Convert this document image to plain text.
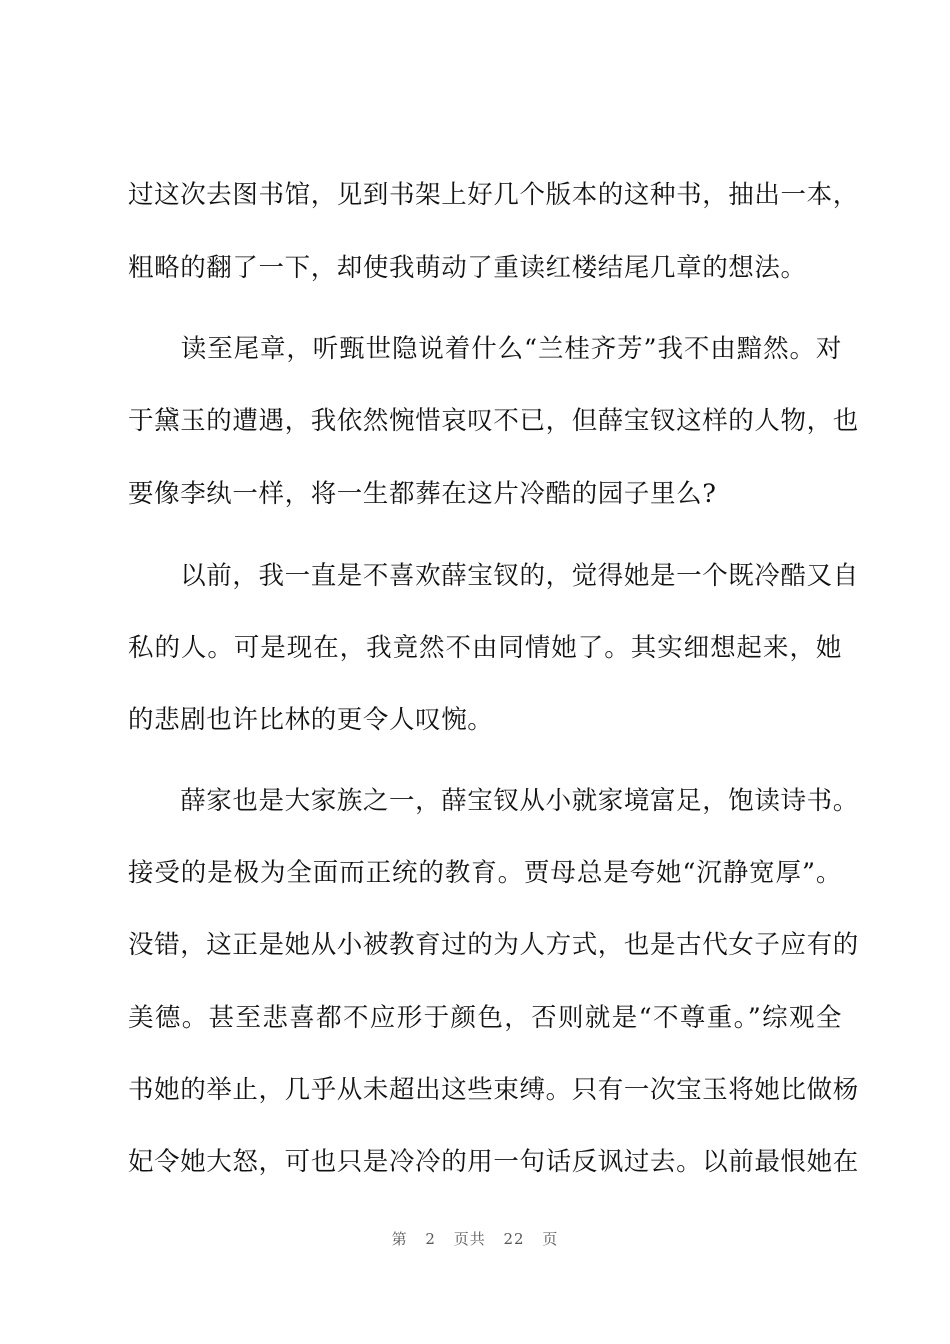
过这次去图书馆，见到书架上好几个版本的这种书，抽出一本，
粗略的翻了一下，却使我萌动了重读红楼结尾几章的想法。
　　读至尾章，听甄世隐说着什么“兰桂齐芳”我不由黯然。对
于黛玉的遭遇，我依然惋惜哀叹不已，但薛宝钗这样的人物，也
要像李纨一样，将一生都葬在这片冷酷的园子里么?
　　以前，我一直是不喜欢薛宝钗的，觉得她是一个既冷酷又自
私的人。可是现在，我竟然不由同情她了。其实细想起来，她
的悲剧也许比林的更令人叹惋。
　　薛家也是大家族之一，薛宝钗从小就家境富足，饱读诗书。
接受的是极为全面而正统的教育。贾母总是夸她“沉静宽厚”。
没错，这正是她从小被教育过的为人方式，也是古代女子应有的
美德。甚至悲喜都不应形于颜色，否则就是“不尊重。”综观全
书她的举止，几乎从未超出这些束缚。只有一次宝玉将她比做杨
妃令她大怒，可也只是冷冷的用一句话反讽过去。以前最恨她在
第 2 页共 22 页
